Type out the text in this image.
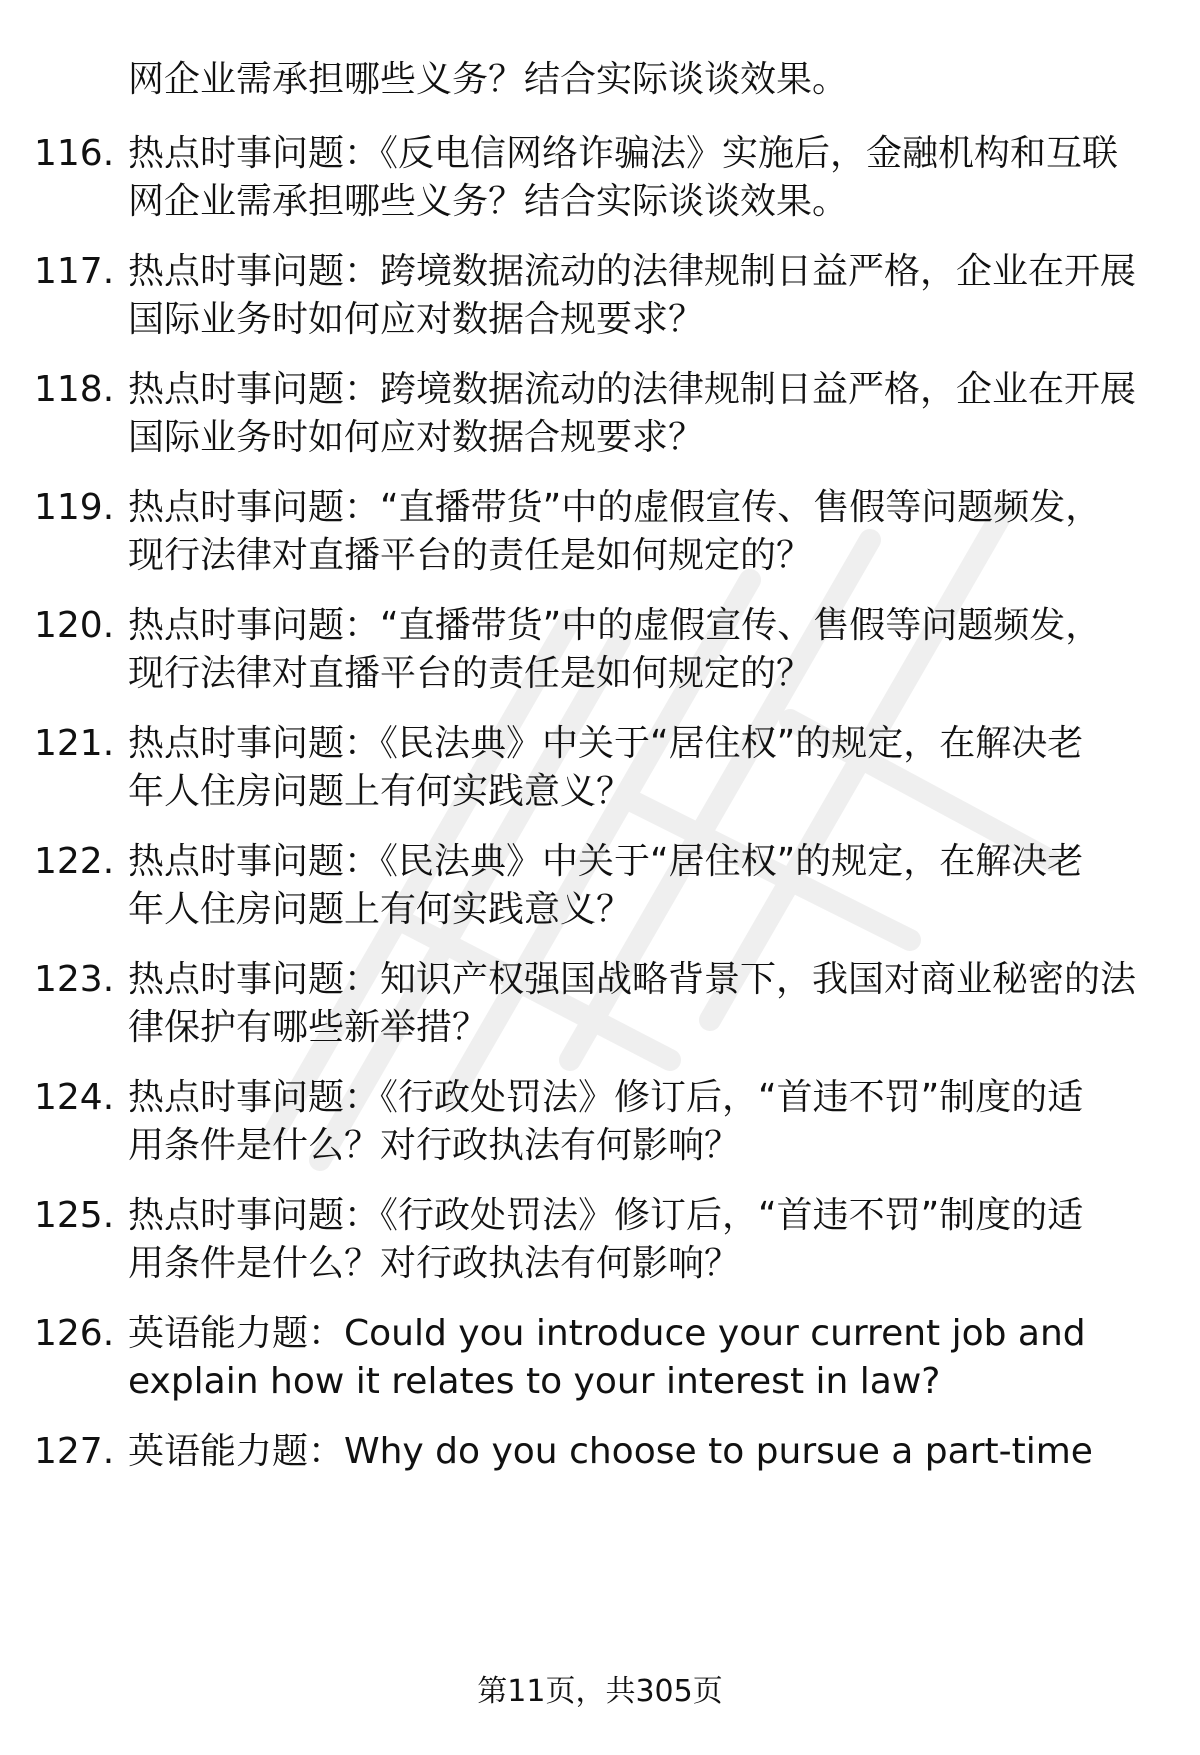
网企业需承担哪些义务？结合实际谈谈效果。
116. 热点时事问题：《反电信网络诈骗法》实施后，金融机构和互联
网企业需承担哪些义务？结合实际谈谈效果。
117. 热点时事问题：跨境数据流动的法律规制日益严格，企业在开展
国际业务时如何应对数据合规要求？
118. 热点时事问题：跨境数据流动的法律规制日益严格，企业在开展
国际业务时如何应对数据合规要求？
119. 热点时事问题：“直播带货”中的虚假宣传、售假等问题频发，
现行法律对直播平台的责任是如何规定的？
120. 热点时事问题：“直播带货”中的虚假宣传、售假等问题频发，
现行法律对直播平台的责任是如何规定的？
121. 热点时事问题：《民法典》中关于“居住权”的规定，在解决老
年人住房问题上有何实践意义？
122. 热点时事问题：《民法典》中关于“居住权”的规定，在解决老
年人住房问题上有何实践意义？
123. 热点时事问题：知识产权强国战略背景下，我国对商业秘密的法
律保护有哪些新举措？
124. 热点时事问题：《行政处罚法》修订后，“首违不罚”制度的适
用条件是什么？对行政执法有何影响？
125. 热点时事问题：《行政处罚法》修订后，“首违不罚”制度的适
用条件是什么？对行政执法有何影响？
126. 英语能力题：Could you introduce your current job and
explain how it relates to your interest in law?
127. 英语能力题：Why do you choose to pursue a part-time
第11页，共305页
